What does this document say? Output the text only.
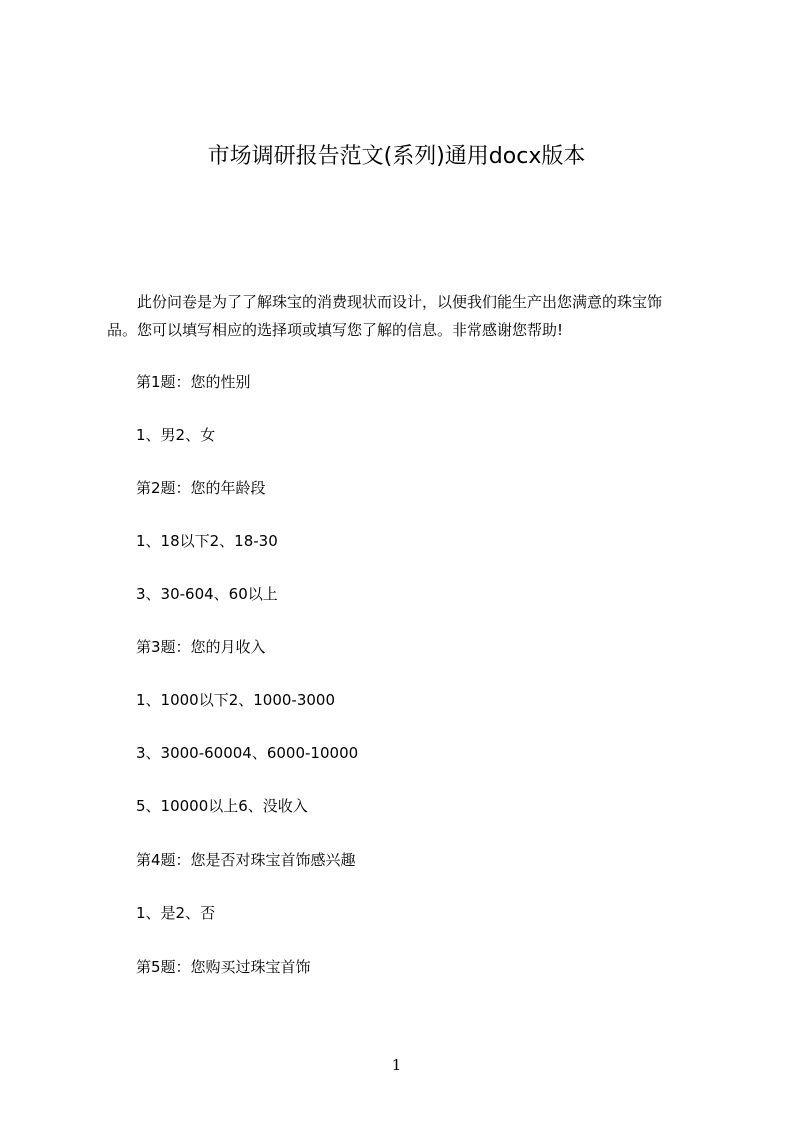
市场调研报告范文(系列)通用docx版本

此份问卷是为了了解珠宝的消费现状而设计，以便我们能生产出您满意的珠宝饰品。您可以填写相应的选择项或填写您了解的信息。非常感谢您帮助!

第1题：您的性别

1、男2、女

第2题：您的年龄段

1、18以下2、18-30

3、30-604、60以上

第3题：您的月收入

1、1000以下2、1000-3000

3、3000-60004、6000-10000

5、10000以上6、没收入

第4题：您是否对珠宝首饰感兴趣

1、是2、否

第5题：您购买过珠宝首饰

1
